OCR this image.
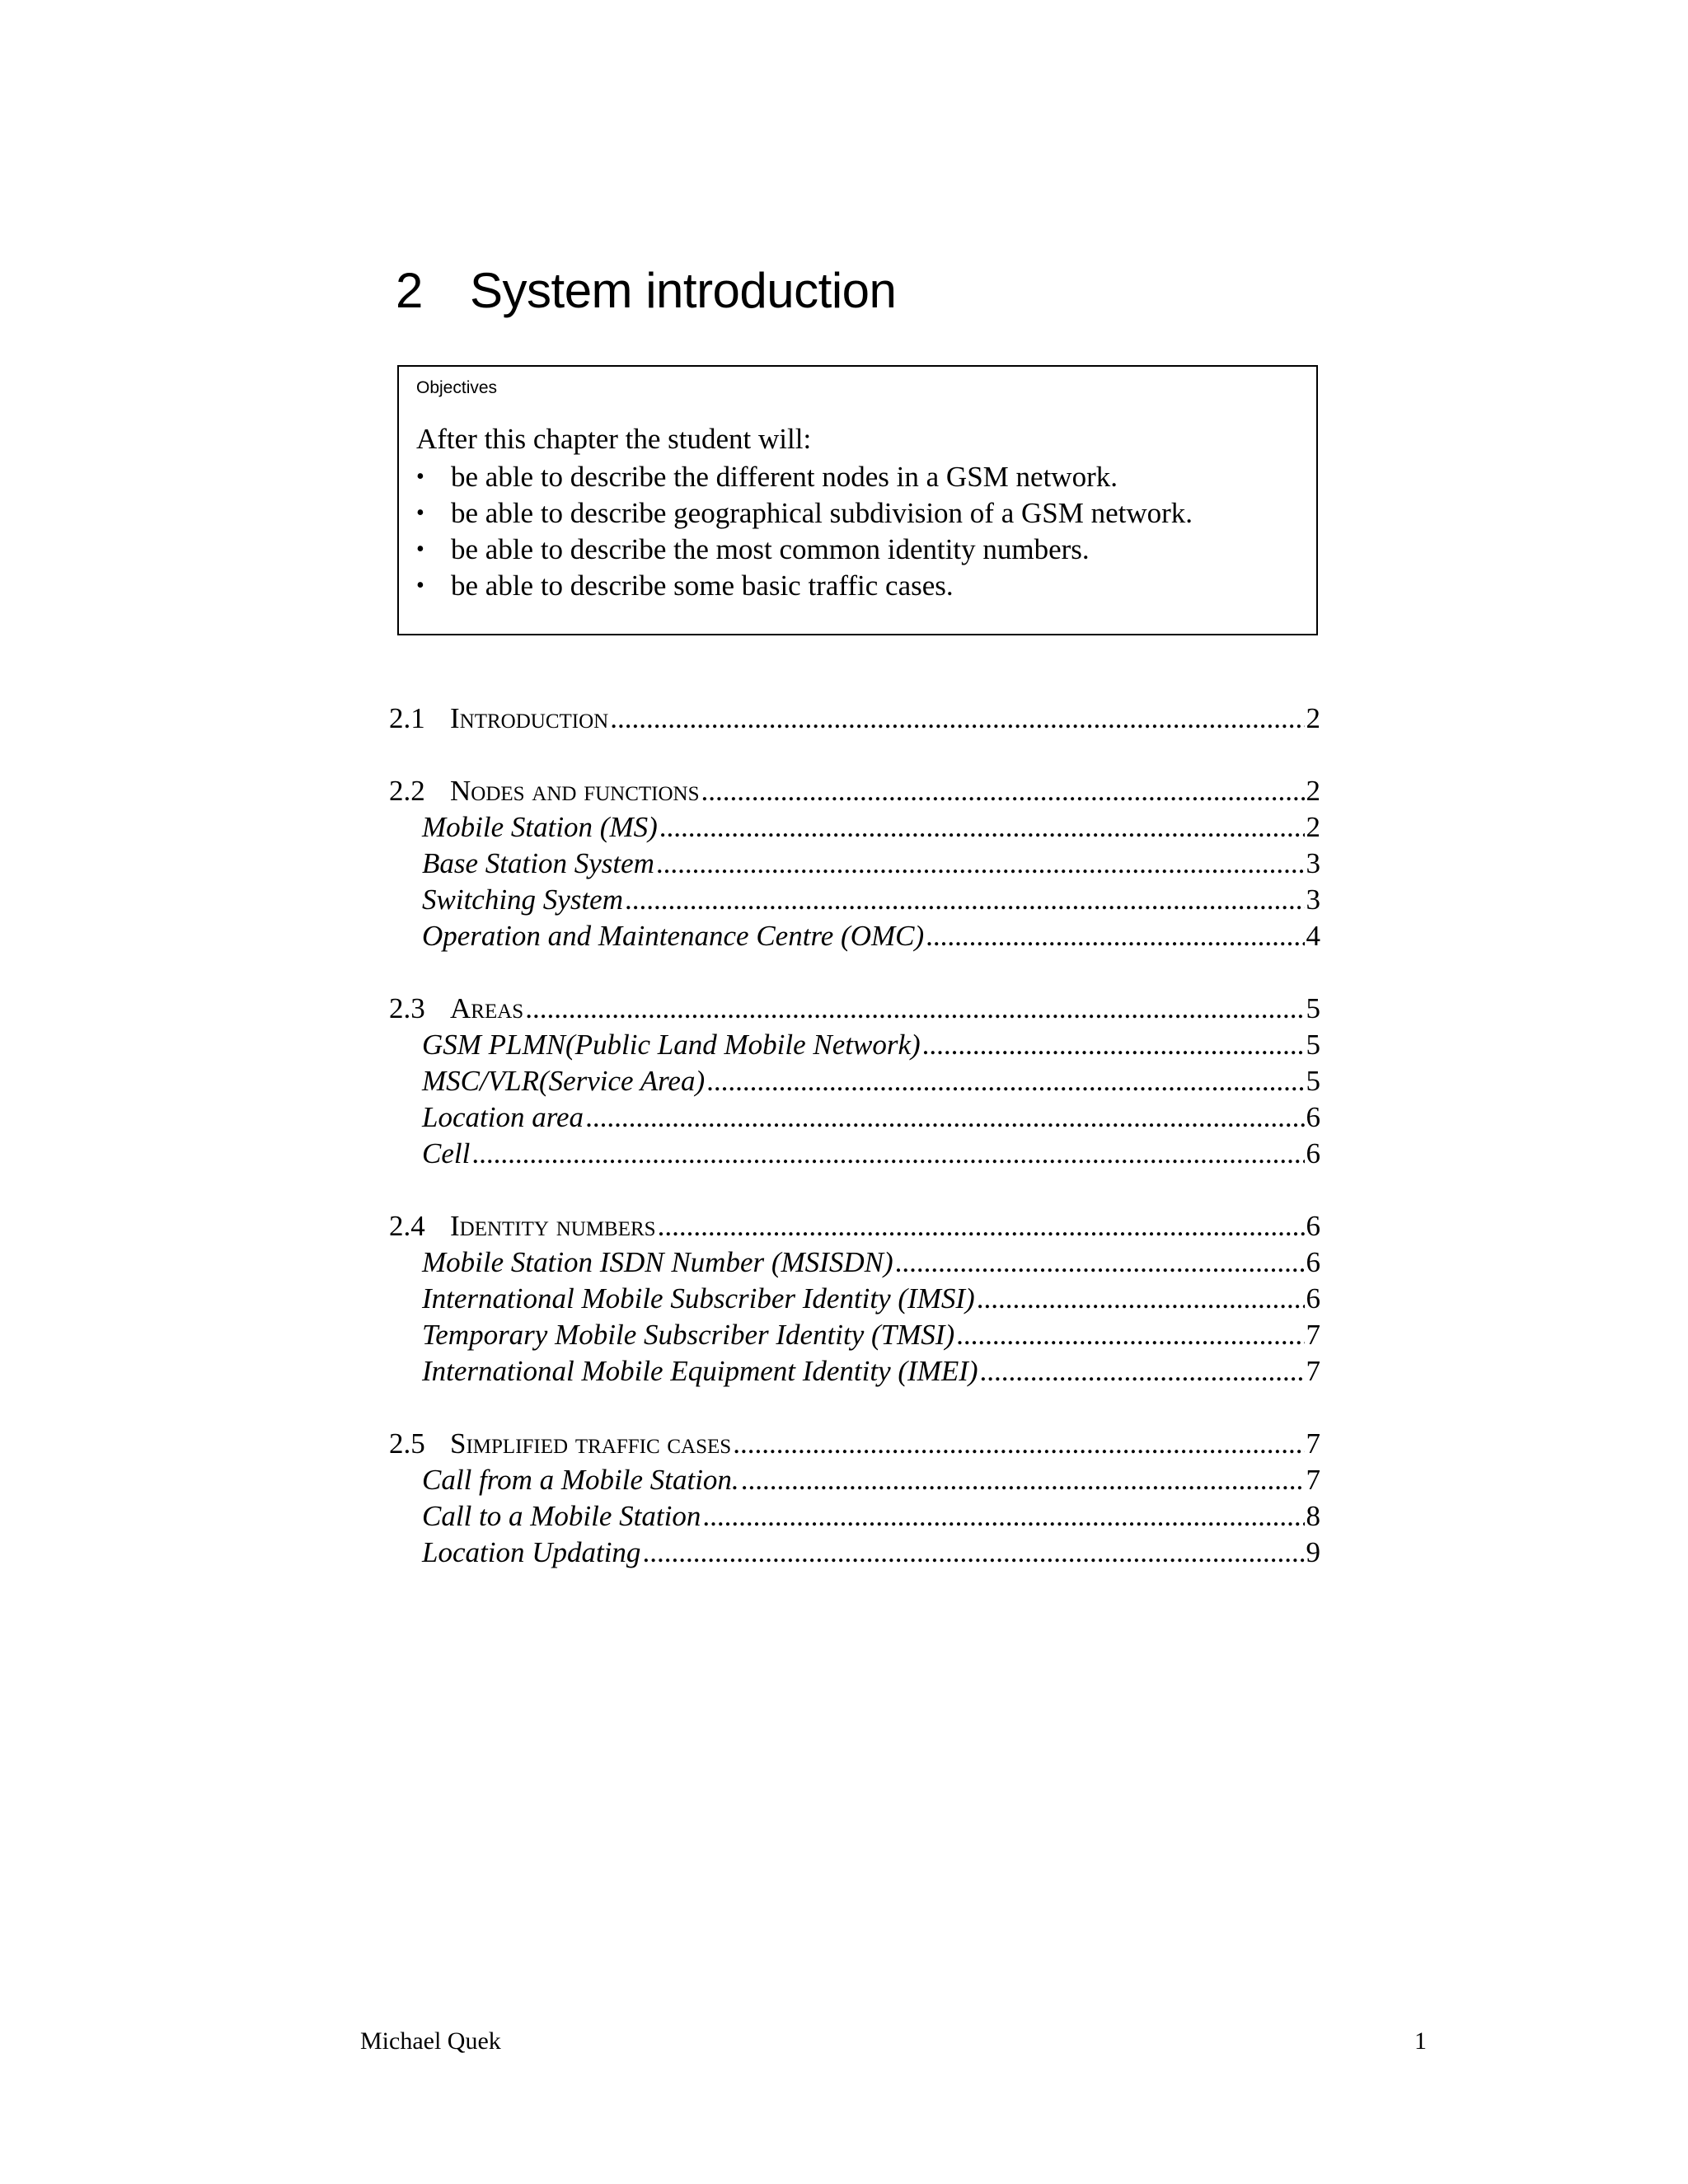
2 System introduction
Objectives
After this chapter the student will:
• be able to describe the different nodes in a GSM network.
• be able to describe geographical subdivision of a GSM network.
• be able to describe the most common identity numbers.
• be able to describe some basic traffic cases.
2.1 Introduction .....	2
2.2 Nodes and functions .....	2
Mobile Station (MS) .....	2
Base Station System .....	3
Switching System .....	3
Operation and Maintenance Centre (OMC) .....	4
2.3 Areas .....	5
GSM PLMN(Public Land Mobile Network) .....	5
MSC/VLR(Service Area) .....	5
Location area .....	6
Cell .....	6
2.4 Identity numbers .....	6
Mobile Station ISDN Number (MSISDN) .....	6
International Mobile Subscriber Identity (IMSI) .....	6
Temporary Mobile Subscriber Identity (TMSI) .....	7
International Mobile Equipment Identity (IMEI) .....	7
2.5 Simplified traffic cases .....	7
Call from a Mobile Station. .....	7
Call to a Mobile Station .....	8
Location Updating .....	9
Michael Quek	1
